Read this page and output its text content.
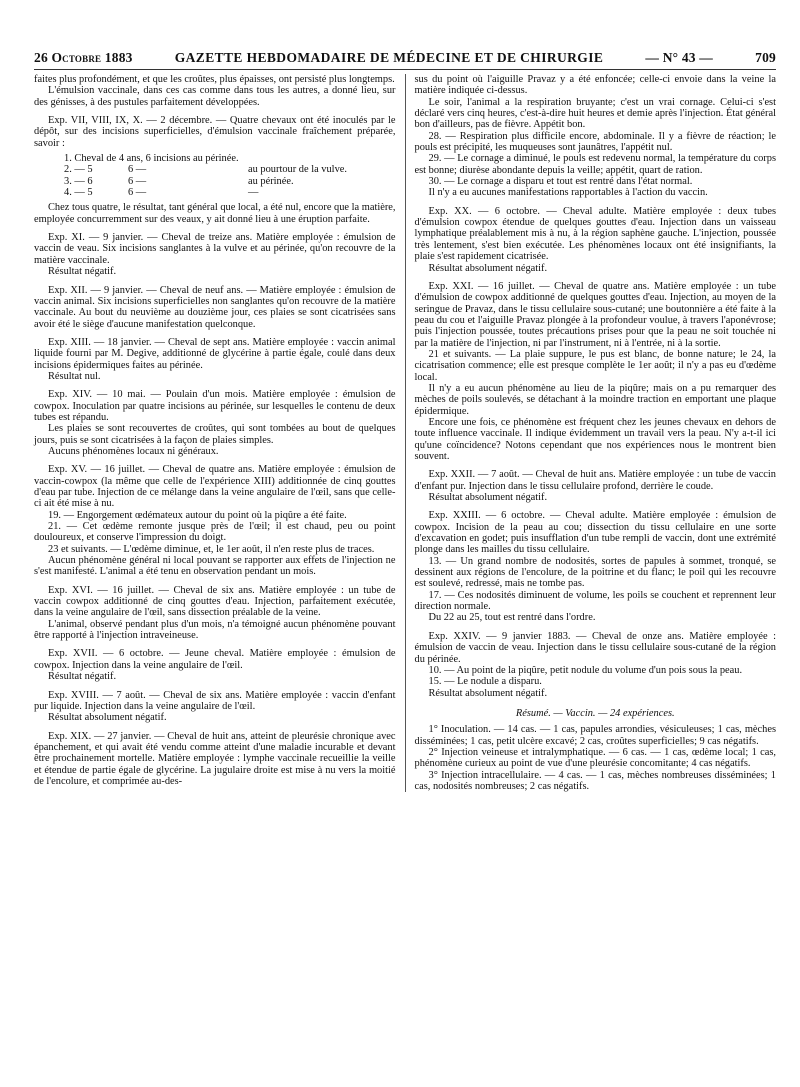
26 Octobre 1883	GAZETTE HEBDOMADAIRE DE MÉDECINE ET DE CHIRURGIE	— N° 43 —	709

faites plus profondément, et que les croûtes, plus épaisses, ont persisté plus longtemps.

L'émulsion vaccinale, dans ces cas comme dans tous les autres, a donné lieu, sur des génisses, à des pustules parfaitement développées.

Exp. VII, VIII, IX, X. — 2 décembre. — Quatre chevaux ont été inoculés par le dépôt, sur des incisions superficielles, d'émulsion vaccinale fraîchement préparée, savoir :

1. Cheval de 4 ans, 6 incisions au périnée.
2. — 5	6 —	au pourtour de la vulve.
3. — 6	6 —	au périnée.
4. — 5	6 —	—

Chez tous quatre, le résultat, tant général que local, a été nul, encore que la matière, employée concurremment sur des veaux, y ait donné lieu à une éruption parfaite.

Exp. XI. — 9 janvier. — Cheval de treize ans. Matière employée : émulsion de vaccin de veau. Six incisions sanglantes à la vulve et au périnée, qu'on recouvre de la matière vaccinale.

Résultat négatif.

Exp. XII. — 9 janvier. — Cheval de neuf ans. — Matière employée : émulsion de vaccin animal. Six incisions superficielles non sanglantes qu'on recouvre de la matière vaccinale. Au bout du neuvième au douzième jour, ces plaies se sont cicatrisées sans avoir été le siège d'aucune manifestation quelconque.

Exp. XIII. — 18 janvier. — Cheval de sept ans. Matière employée : vaccin animal liquide fourni par M. Degive, additionné de glycérine à partie égale, coulé dans deux incisions épidermiques faites au périnée.

Résultat nul.

Exp. XIV. — 10 mai. — Poulain d'un mois. Matière employée : émulsion de cowpox. Inoculation par quatre incisions au périnée, sur lesquelles le contenu de deux tubes est répandu.

Les plaies se sont recouvertes de croûtes, qui sont tombées au bout de quelques jours, puis se sont cicatrisées à la façon de plaies simples.

Aucuns phénomènes locaux ni généraux.

Exp. XV. — 16 juillet. — Cheval de quatre ans. Matière employée : émulsion de vaccin-cowpox (la même que celle de l'expérience XIII) additionnée de cinq gouttes d'eau par tube. Injection de ce mélange dans la veine angulaire de l'œil, sans que celle-ci ait été mise à nu.

19. — Engorgement œdémateux autour du point où la piqûre a été faite.

21. — Cet œdème remonte jusque près de l'œil; il est chaud, peu ou point douloureux, et conserve l'impression du doigt.

23 et suivants. — L'œdème diminue, et, le 1er août, il n'en reste plus de traces.

Aucun phénomène général ni local pouvant se rapporter aux effets de l'injection ne s'est manifesté. L'animal a été tenu en observation pendant un mois.

Exp. XVI. — 16 juillet. — Cheval de six ans. Matière employée : un tube de vaccin cowpox additionné de cinq gouttes d'eau. Injection, parfaitement exécutée, dans la veine angulaire de l'œil, sans dissection préalable de la veine.

L'animal, observé pendant plus d'un mois, n'a témoigné aucun phénomène pouvant être rapporté à l'injection intraveineuse.

Exp. XVII. — 6 octobre. — Jeune cheval. Matière employée : émulsion de cowpox. Injection dans la veine angulaire de l'œil.

Résultat négatif.

Exp. XVIII. — 7 août. — Cheval de six ans. Matière employée : vaccin d'enfant pur liquide. Injection dans la veine angulaire de l'œil.

Résultat absolument négatif.

Exp. XIX. — 27 janvier. — Cheval de huit ans, atteint de pleurésie chronique avec épanchement, et qui avait été vendu comme atteint d'une maladie incurable et devant être prochainement mortelle. Matière employée : lymphe vaccinale recueillie la veille et étendue de partie égale de glycérine. La jugulaire droite est mise à nu vers la moitié de l'encolure, et comprimée au-des-

sus du point où l'aiguille Pravaz y a été enfoncée; celle-ci envoie dans la veine la matière indiquée ci-dessus.

Le soir, l'animal a la respiration bruyante; c'est un vrai cornage. Celui-ci s'est déclaré vers cinq heures, c'est-à-dire huit heures et demie après l'injection. État général bon d'ailleurs, pas de fièvre. Appétit bon.

28. — Respiration plus difficile encore, abdominale. Il y a fièvre de réaction; le pouls est précipité, les muqueuses sont jaunâtres, l'appétit nul.

29. — Le cornage a diminué, le pouls est redevenu normal, la température du corps est bonne; diurèse abondante depuis la veille; appétit, quart de ration.

30. — Le cornage a disparu et tout est rentré dans l'état normal.

Il n'y a eu aucunes manifestations rapportables à l'action du vaccin.

Exp. XX. — 6 octobre. — Cheval adulte. Matière employée : deux tubes d'émulsion cowpox étendue de quelques gouttes d'eau. Injection dans un vaisseau lymphatique préalablement mis à nu, à la région saphène gauche. L'injection, poussée très lentement, s'est bien exécutée. Les phénomènes locaux ont été insignifiants, la plaie s'est rapidement cicatrisée.

Résultat absolument négatif.

Exp. XXI. — 16 juillet. — Cheval de quatre ans. Matière employée : un tube d'émulsion de cowpox additionné de quelques gouttes d'eau. Injection, au moyen de la seringue de Pravaz, dans le tissu cellulaire sous-cutané; une boutonnière a été faite à la peau du cou et l'aiguille Pravaz plongée à la profondeur voulue, à travers l'aponévrose; puis l'injection poussée, toutes précautions prises pour que la peau ne soit touchée ni par la matière de l'injection, ni par l'instrument, ni à l'entrée, ni à la sortie.

21 et suivants. — La plaie suppure, le pus est blanc, de bonne nature; le 24, la cicatrisation commence; elle est presque complète le 1er août; il n'y a pas eu d'œdème local.

Il n'y a eu aucun phénomène au lieu de la piqûre; mais on a pu remarquer des mèches de poils soulevés, se détachant à la moindre traction en emportant une plaque épidermique.

Encore une fois, ce phénomène est fréquent chez les jeunes chevaux en dehors de toute influence vaccinale. Il indique évidemment un travail vers la peau. N'y a-t-il ici qu'une coïncidence? Notons cependant que nos expériences nous le montrent bien souvent.

Exp. XXII. — 7 août. — Cheval de huit ans. Matière employée : un tube de vaccin d'enfant pur. Injection dans le tissu cellulaire profond, derrière le coude.

Résultat absolument négatif.

Exp. XXIII. — 6 octobre. — Cheval adulte. Matière employée : émulsion de cowpox. Incision de la peau au cou; dissection du tissu cellulaire en une sorte d'excavation en godet; puis insufflation d'un tube rempli de vaccin, dont une extrémité plonge dans les mailles du tissu cellulaire.

13. — Un grand nombre de nodosités, sortes de papules à sommet, tronqué, se dessinent aux régions de l'encolure, de la poitrine et du flanc; le poil qui les recouvre est soulevé, redressé, mais ne tombe pas.

17. — Ces nodosités diminuent de volume, les poils se couchent et reprennent leur direction normale.

Du 22 au 25, tout est rentré dans l'ordre.

Exp. XXIV. — 9 janvier 1883. — Cheval de onze ans. Matière employée : émulsion de vaccin de veau. Injection dans le tissu cellulaire sous-cutané de la région du périnée.

10. — Au point de la piqûre, petit nodule du volume d'un pois sous la peau.

15. — Le nodule a disparu.

Résultat absolument négatif.

Résumé. — Vaccin. — 24 expériences.

1° Inoculation. — 14 cas. — 1 cas, papules arrondies, vésiculeuses; 1 cas, mèches disséminées; 1 cas, petit ulcère excavé; 2 cas, croûtes superficielles; 9 cas négatifs.

2° Injection veineuse et intralymphatique. — 6 cas. — 1 cas, œdème local; 1 cas, phénomène curieux au point de vue d'une pleurésie concomitante; 4 cas négatifs.

3° Injection intracellulaire. — 4 cas. — 1 cas, mèches nombreuses disséminées; 1 cas, nodosités nombreuses; 2 cas négatifs.
